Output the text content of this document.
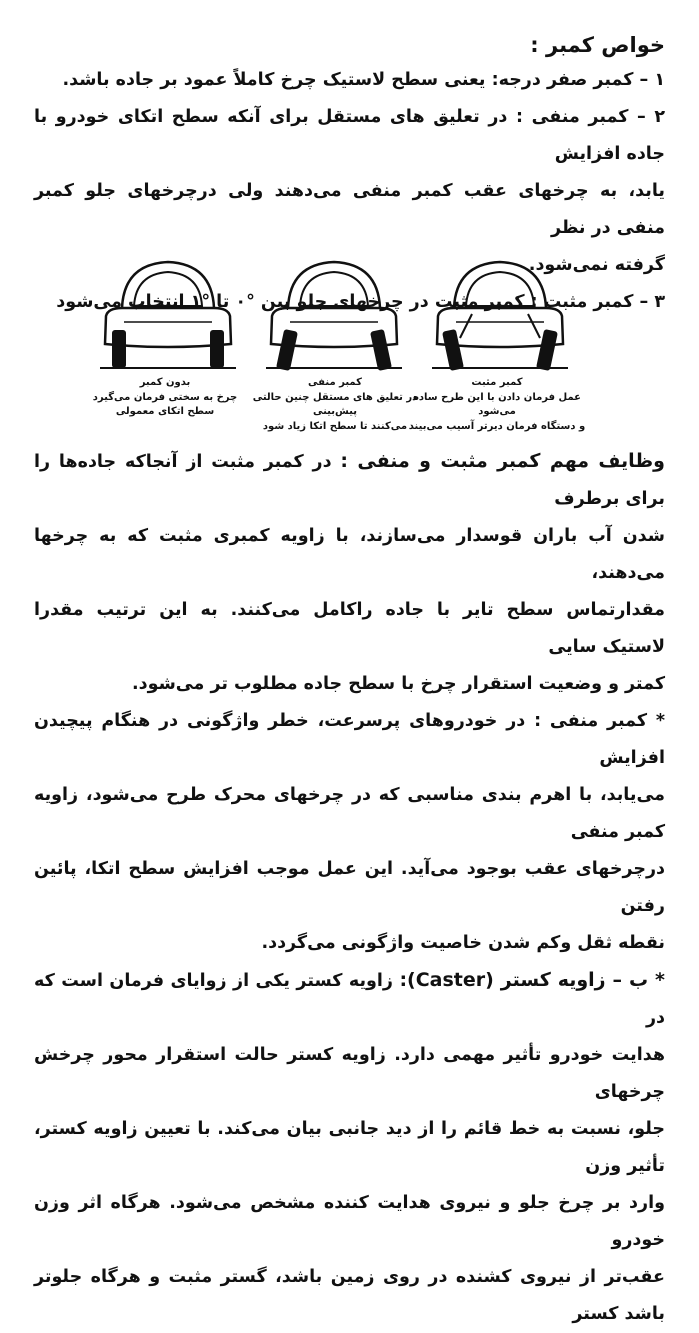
خواص کمبر :

۱ – کمبر صفر درجه: یعنی سطح لاستیک چرخ کاملاً عمود بر جاده باشد.

۲ – کمبر منفی : در تعلیق های مستقل برای آنکه سطح اتکای خودرو با جاده افزایش

یابد، به چرخهای عقب کمبر منفی می‌دهند ولی درچرخهای جلو کمبر منفی در نظر

گرفته نمی‌شود.

۳ – کمبر مثبت : کمبر مثبت در چرخهای جلو بین °۰ تا °۱ انتخاب می‌شود

کمبر مثبت
عمل فرمان دادن با این طرح ساده می‌شود
و دستگاه فرمان دیرتر آسیب می‌بیند
کمبر منفی
در تعلیق های مستقل چنین حالتی پیش‌بینی
می‌کنند تا سطح اتکا زیاد شود
بدون کمبر
چرخ به سختی فرمان می‌گیرد
سطح اتکای معمولی

وظایف مهم کمبر مثبت و منفی : در کمبر مثبت از آنجاکه جاده‌ها را برای برطرف

شدن آب باران قوسدار می‌سازند، با زاویه کمبری مثبت که به چرخها می‌دهند،

مقدارتماس سطح تایر با جاده راکامل می‌کنند. به این ترتیب مقدرا لاستیک سایی

کمتر و وضعیت استقرار چرخ با سطح جاده مطلوب تر می‌شود.

* کمبر منفی : در خودروهای پرسرعت، خطر واژگونی در هنگام پیچیدن افزایش

می‌یابد، با اهرم بندی مناسبی که در چرخهای محرک طرح می‌شود، زاویه کمبر منفی

درچرخهای عقب بوجود می‌آید. این عمل موجب افزایش سطح اتکا، پائین رفتن

نقطه ثقل وکم شدن خاصیت واژگونی می‌گردد.

* ب – زاویه کستر (Caster): زاویه کستر یکی از زوایای فرمان است که در

هدایت خودرو تأثیر مهمی دارد. زاویه کستر حالت استقرار محور چرخش چرخهای

جلو، نسبت به خط قائم را از دید جانبی بیان می‌کند. با تعیین زاویه کستر، تأثیر وزن

وارد بر چرخ جلو و نیروی هدایت کننده مشخص می‌شود. هرگاه اثر وزن خودرو

عقب‌تر از نیروی کشنده در روی زمین باشد، گستر مثبت و هرگاه جلوتر باشد کستر
